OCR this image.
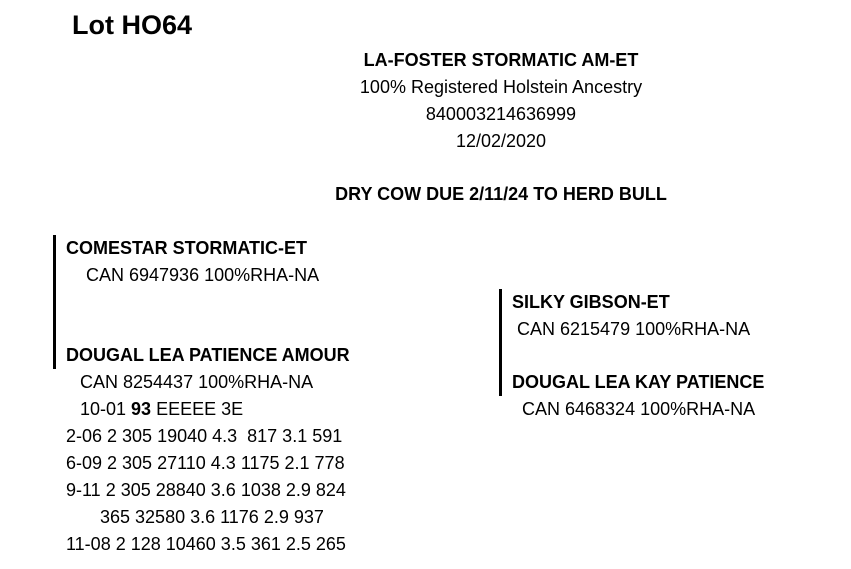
Lot HO64
LA-FOSTER STORMATIC AM-ET
100% Registered Holstein Ancestry
840003214636999
12/02/2020
DRY COW DUE 2/11/24 TO HERD BULL
COMESTAR STORMATIC-ET
CAN 6947936 100%RHA-NA
DOUGAL LEA PATIENCE AMOUR
CAN 8254437 100%RHA-NA
10-01 93 EEEEE 3E
2-06 2 305 19040 4.3  817 3.1 591
6-09 2 305 27110 4.3 1175 2.1 778
9-11 2 305 28840 3.6 1038 2.9 824
365 32580 3.6 1176 2.9 937
11-08 2 128 10460 3.5 361 2.5 265
SILKY GIBSON-ET
CAN 6215479 100%RHA-NA
DOUGAL LEA KAY PATIENCE
CAN 6468324 100%RHA-NA
